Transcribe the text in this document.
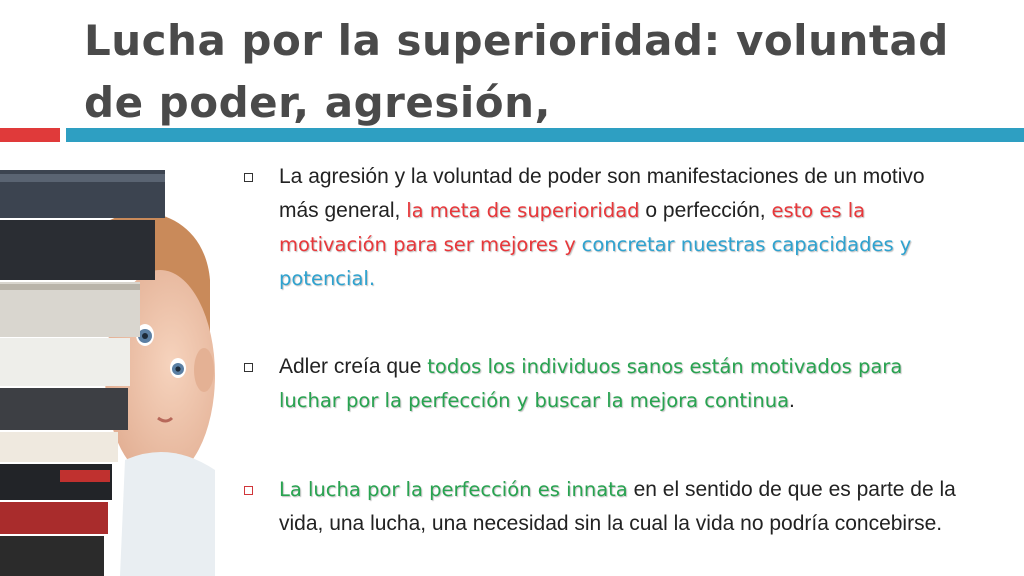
Lucha por la superioridad: voluntad de poder, agresión,
La agresión y la voluntad de poder son manifestaciones de un motivo más general, la meta de superioridad o perfección, esto es la motivación para ser mejores y concretar nuestras capacidades y potencial.
Adler creía que todos los individuos sanos están motivados para luchar por la perfección y buscar la mejora continua.
La lucha por la perfección es innata en el sentido de que es parte de la vida, una lucha, una necesidad sin la cual la vida no podría concebirse.
